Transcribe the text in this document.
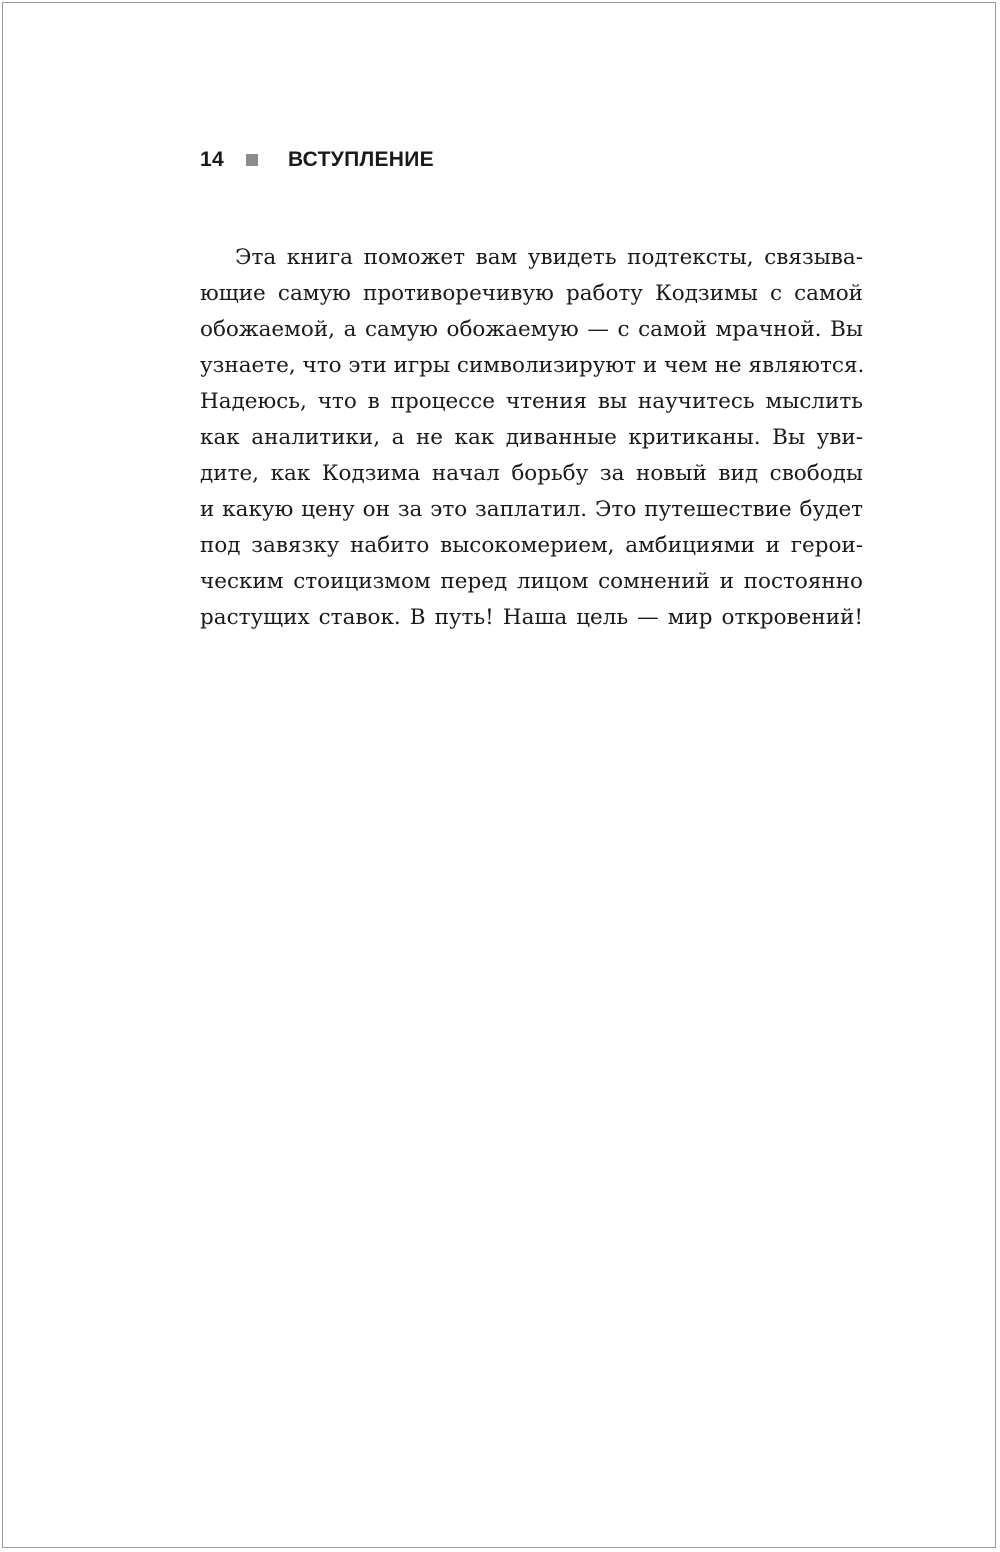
14	ВСТУПЛЕНИЕ
Эта книга поможет вам увидеть подтексты, связыва-
ющие самую противоречивую работу Кодзимы с самой
обожаемой, а самую обожаемую — с самой мрачной. Вы
узнаете, что эти игры символизируют и чем не являются.
Надеюсь, что в процессе чтения вы научитесь мыслить
как аналитики, а не как диванные критиканы. Вы уви-
дите, как Кодзима начал борьбу за новый вид свободы
и какую цену он за это заплатил. Это путешествие будет
под завязку набито высокомерием, амбициями и герои-
ческим стоицизмом перед лицом сомнений и постоянно
растущих ставок. В путь! Наша цель — мир откровений!
